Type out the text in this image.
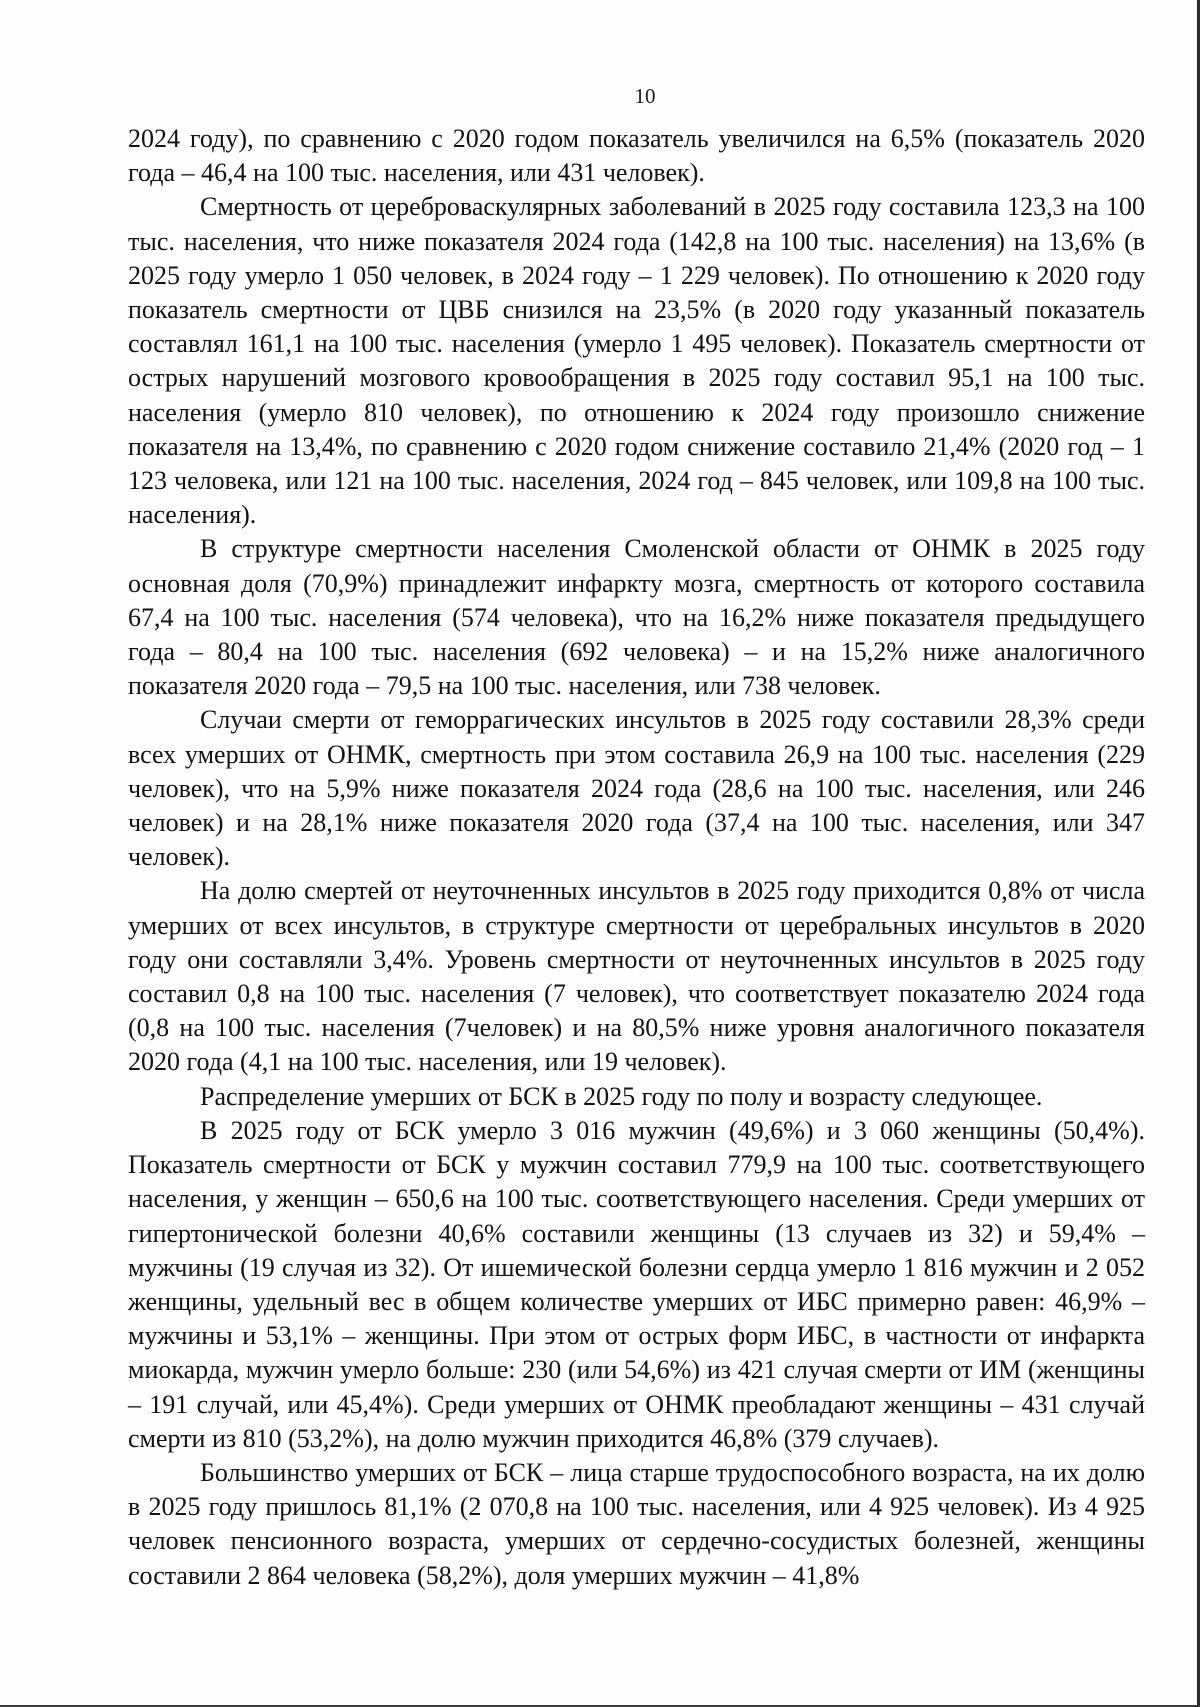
10

2024 году), по сравнению с 2020 годом показатель увеличился на 6,5% (показатель 2020 года – 46,4 на 100 тыс. населения, или 431 человек).

Смертность от цереброваскулярных заболеваний в 2025 году составила 123,3 на 100 тыс. населения, что ниже показателя 2024 года (142,8 на 100 тыс. населения) на 13,6% (в 2025 году умерло 1 050 человек, в 2024 году – 1 229 человек). По отношению к 2020 году показатель смертности от ЦВБ снизился на 23,5% (в 2020 году указанный показатель составлял 161,1 на 100 тыс. населения (умерло 1 495 человек). Показатель смертности от острых нарушений мозгового кровообращения в 2025 году составил 95,1 на 100 тыс. населения (умерло 810 человек), по отношению к 2024 году произошло снижение показателя на 13,4%, по сравнению с 2020 годом снижение составило 21,4% (2020 год – 1 123 человека, или 121 на 100 тыс. населения, 2024 год – 845 человек, или 109,8 на 100 тыс. населения).

В структуре смертности населения Смоленской области от ОНМК в 2025 году основная доля (70,9%) принадлежит инфаркту мозга, смертность от которого составила 67,4 на 100 тыс. населения (574 человека), что на 16,2% ниже показателя предыдущего года – 80,4 на 100 тыс. населения (692 человека) – и на 15,2% ниже аналогичного показателя 2020 года – 79,5 на 100 тыс. населения, или 738 человек.

Случаи смерти от геморрагических инсультов в 2025 году составили 28,3% среди всех умерших от ОНМК, смертность при этом составила 26,9 на 100 тыс. населения (229 человек), что на 5,9% ниже показателя 2024 года (28,6 на 100 тыс. населения, или 246 человек) и на 28,1% ниже показателя 2020 года (37,4 на 100 тыс. населения, или 347 человек).

На долю смертей от неуточненных инсультов в 2025 году приходится 0,8% от числа умерших от всех инсультов, в структуре смертности от церебральных инсультов в 2020 году они составляли 3,4%. Уровень смертности от неуточненных инсультов в 2025 году составил 0,8 на 100 тыс. населения (7 человек), что соответствует показателю 2024 года (0,8 на 100 тыс. населения (7человек) и на 80,5% ниже уровня аналогичного показателя 2020 года (4,1 на 100 тыс. населения, или 19 человек).

Распределение умерших от БСК в 2025 году по полу и возрасту следующее.

В 2025 году от БСК умерло 3 016 мужчин (49,6%) и 3 060 женщины (50,4%). Показатель смертности от БСК у мужчин составил 779,9 на 100 тыс. соответствующего населения, у женщин – 650,6 на 100 тыс. соответствующего населения. Среди умерших от гипертонической болезни 40,6% составили женщины (13 случаев из 32) и 59,4% – мужчины (19 случая из 32). От ишемической болезни сердца умерло 1 816 мужчин и 2 052 женщины, удельный вес в общем количестве умерших от ИБС примерно равен: 46,9% – мужчины и 53,1% – женщины. При этом от острых форм ИБС, в частности от инфаркта миокарда, мужчин умерло больше: 230 (или 54,6%) из 421 случая смерти от ИМ (женщины – 191 случай, или 45,4%). Среди умерших от ОНМК преобладают женщины – 431 случай смерти из 810 (53,2%), на долю мужчин приходится 46,8% (379 случаев).

Большинство умерших от БСК – лица старше трудоспособного возраста, на их долю в 2025 году пришлось 81,1% (2 070,8 на 100 тыс. населения, или 4 925 человек). Из 4 925 человек пенсионного возраста, умерших от сердечно-сосудистых болезней, женщины составили 2 864 человека (58,2%), доля умерших мужчин – 41,8%
